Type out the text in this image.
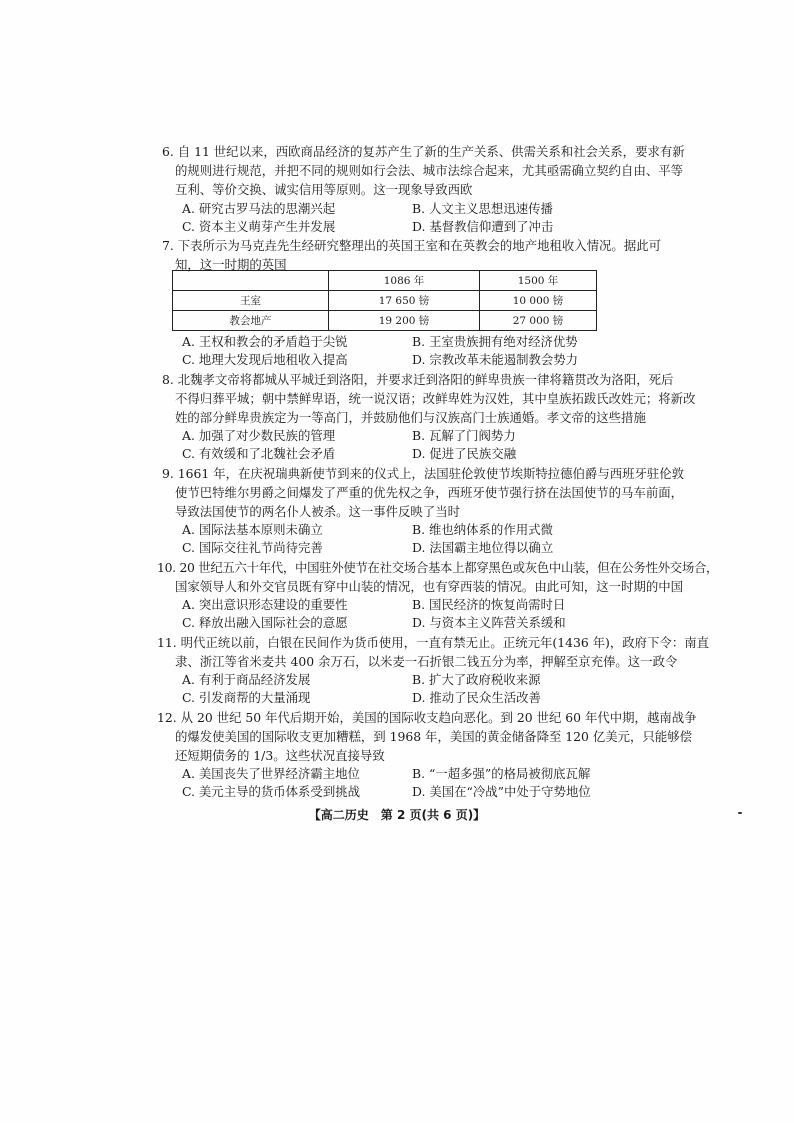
6. 自 11 世纪以来，西欧商品经济的复苏产生了新的生产关系、供需关系和社会关系，要求有新
的规则进行规范，并把不同的规则如行会法、城市法综合起来，尤其亟需确立契约自由、平等
互利、等价交换、诚实信用等原则。这一现象导致西欧
A. 研究古罗马法的思潮兴起	B. 人文主义思想迅速传播
C. 资本主义萌芽产生并发展	D. 基督教信仰遭到了冲击
7. 下表所示为马克垚先生经研究整理出的英国王室和在英教会的地产地租收入情况。据此可
知，这一时期的英国
	1086 年	1500 年
王室	17 650 镑	10 000 镑
教会地产	19 200 镑	27 000 镑
A. 王权和教会的矛盾趋于尖锐	B. 王室贵族拥有绝对经济优势
C. 地理大发现后地租收入提高	D. 宗教改革未能遏制教会势力
8. 北魏孝文帝将都城从平城迁到洛阳，并要求迁到洛阳的鲜卑贵族一律将籍贯改为洛阳，死后
不得归葬平城；朝中禁鲜卑语，统一说汉语；改鲜卑姓为汉姓，其中皇族拓跋氏改姓元；将新改
姓的部分鲜卑贵族定为一等高门，并鼓励他们与汉族高门士族通婚。孝文帝的这些措施
A. 加强了对少数民族的管理	B. 瓦解了门阀势力
C. 有效缓和了北魏社会矛盾	D. 促进了民族交融
9. 1661 年，在庆祝瑞典新使节到来的仪式上，法国驻伦敦使节埃斯特拉德伯爵与西班牙驻伦敦
使节巴特维尔男爵之间爆发了严重的优先权之争，西班牙使节强行挤在法国使节的马车前面，
导致法国使节的两名仆人被杀。这一事件反映了当时
A. 国际法基本原则未确立	B. 维也纳体系的作用式微
C. 国际交往礼节尚待完善	D. 法国霸主地位得以确立
10. 20 世纪五六十年代，中国驻外使节在社交场合基本上都穿黑色或灰色中山装，但在公务性外交场合，
国家领导人和外交官员既有穿中山装的情况，也有穿西装的情况。由此可知，这一时期的中国
A. 突出意识形态建设的重要性	B. 国民经济的恢复尚需时日
C. 释放出融入国际社会的意愿	D. 与资本主义阵营关系缓和
11. 明代正统以前，白银在民间作为货币使用，一直有禁无止。正统元年(1436 年)，政府下令：南直
隶、浙江等省米麦共 400 余万石，以米麦一石折银二钱五分为率，押解至京充俸。这一政令
A. 有利于商品经济发展	B. 扩大了政府税收来源
C. 引发商帮的大量涌现	D. 推动了民众生活改善
12. 从 20 世纪 50 年代后期开始，美国的国际收支趋向恶化。到 20 世纪 60 年代中期，越南战争
的爆发使美国的国际收支更加糟糕，到 1968 年，美国的黄金储备降至 120 亿美元，只能够偿
还短期债务的 1/3。这些状况直接导致
A. 美国丧失了世界经济霸主地位	B. “一超多强”的格局被彻底瓦解
C. 美元主导的货币体系受到挑战	D. 美国在“冷战”中处于守势地位
【高二历史　第 2 页(共 6 页)】
